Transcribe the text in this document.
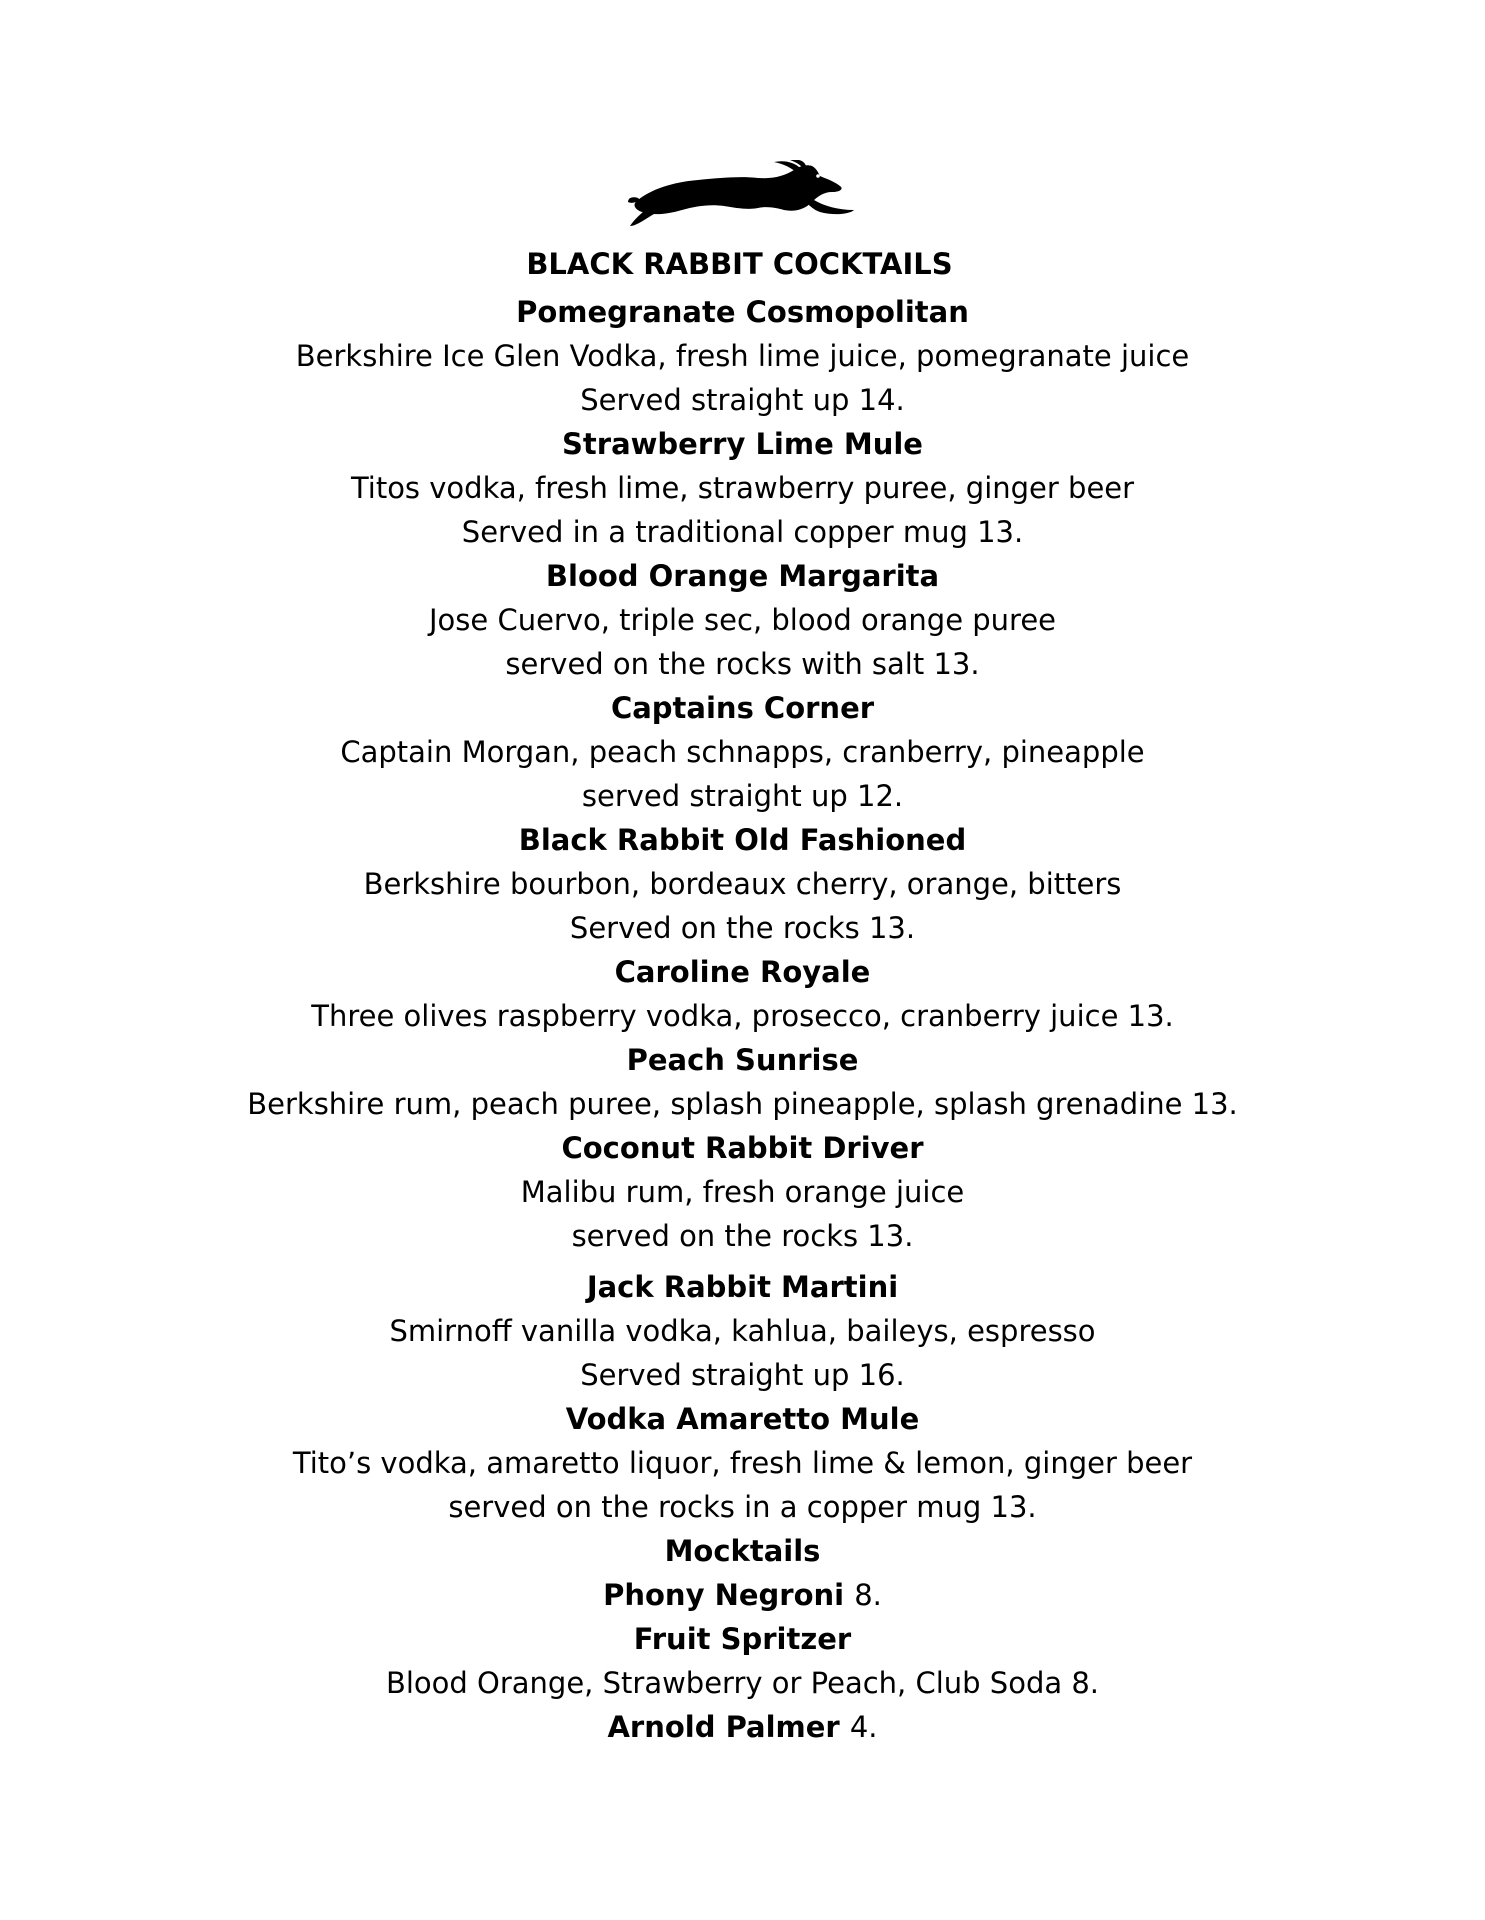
BLACK RABBIT COCKTAILS
Pomegranate Cosmopolitan
Berkshire Ice Glen Vodka, fresh lime juice, pomegranate juice
Served straight up 14.
Strawberry Lime Mule
Titos vodka, fresh lime, strawberry puree, ginger beer
Served in a traditional copper mug 13.
Blood Orange Margarita
Jose Cuervo, triple sec, blood orange puree
served on the rocks with salt 13.
Captains Corner
Captain Morgan, peach schnapps, cranberry, pineapple
served straight up 12.
Black Rabbit Old Fashioned
Berkshire bourbon, bordeaux cherry, orange, bitters
Served on the rocks 13.
Caroline Royale
Three olives raspberry vodka, prosecco, cranberry juice 13.
Peach Sunrise
Berkshire rum, peach puree, splash pineapple, splash grenadine 13.
Coconut Rabbit Driver
Malibu rum, fresh orange juice
served on the rocks 13.
Jack Rabbit Martini
Smirnoff vanilla vodka, kahlua, baileys, espresso
Served straight up 16.
Vodka Amaretto Mule
Tito’s vodka, amaretto liquor, fresh lime & lemon, ginger beer
served on the rocks in a copper mug 13.
Mocktails
Phony Negroni 8.
Fruit Spritzer
Blood Orange, Strawberry or Peach, Club Soda 8.
Arnold Palmer 4.
